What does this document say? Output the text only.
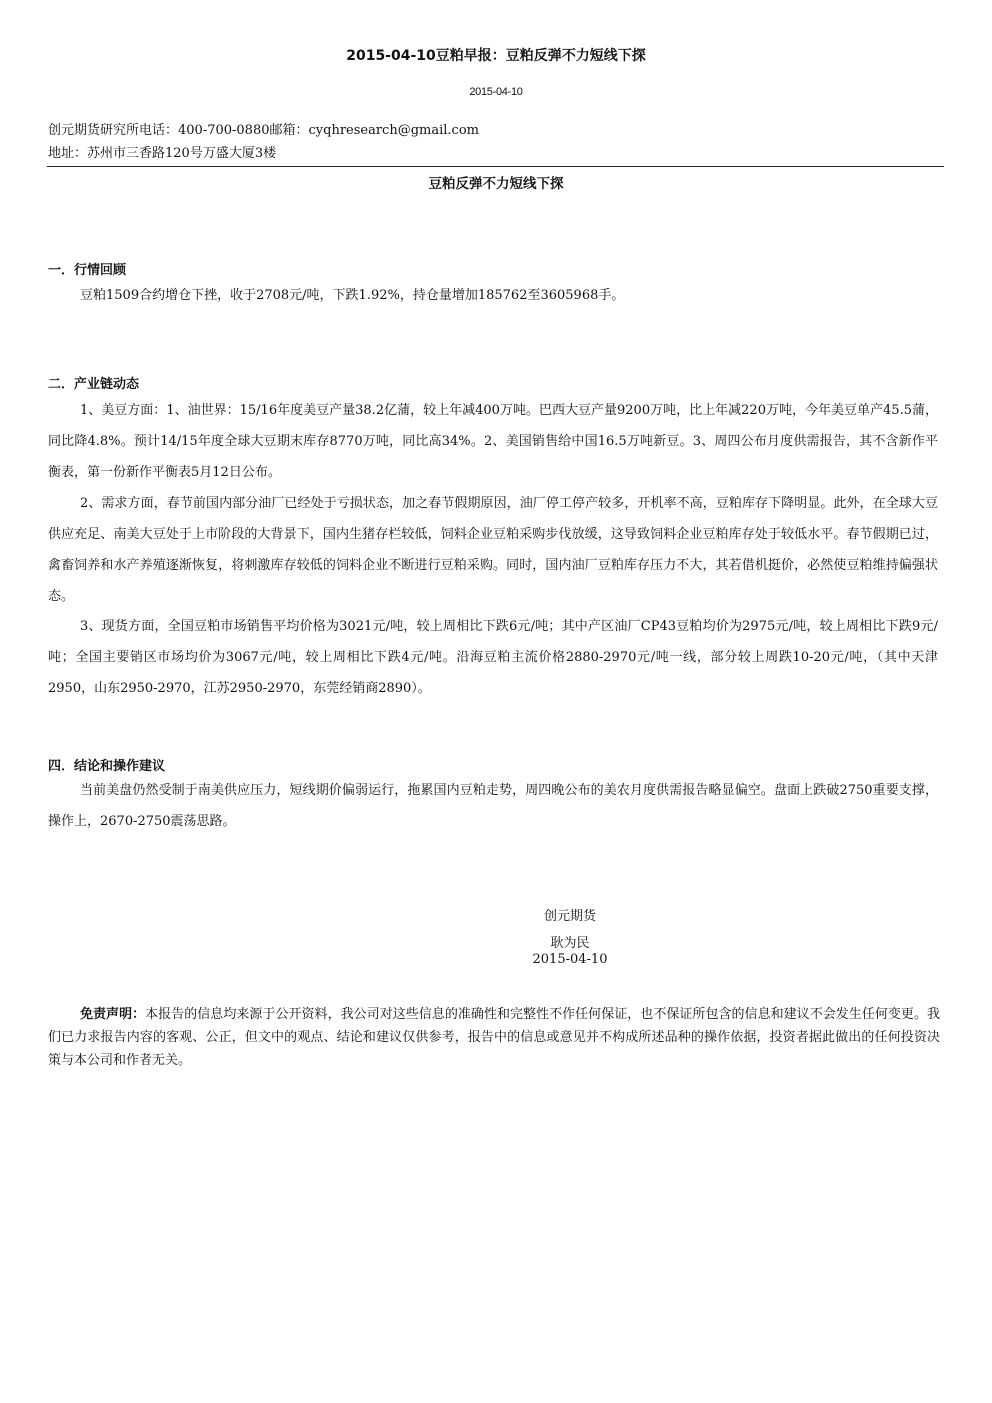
2015-04-10豆粕早报：豆粕反弹不力短线下探
2015-04-10
创元期货研究所电话：400-700-0880邮箱：cyqhresearch@gmail.com
地址：苏州市三香路120号万盛大厦3楼
豆粕反弹不力短线下探
一．行情回顾

豆粕1509合约增仓下挫，收于2708元/吨，下跌1.92%，持仓量增加185762至3605968手。

二．产业链动态

1、美豆方面：1、油世界：15/16年度美豆产量38.2亿蒲，较上年减400万吨。巴西大豆产量9200万吨，比上年减220万吨，今年美豆单产45.5蒲，同比降4.8%。预计14/15年度全球大豆期末库存8770万吨，同比高34%。2、美国销售给中国16.5万吨新豆。3、周四公布月度供需报告，其不含新作平衡表，第一份新作平衡表5月12日公布。

2、需求方面，春节前国内部分油厂已经处于亏损状态，加之春节假期原因，油厂停工停产较多，开机率不高，豆粕库存下降明显。此外，在全球大豆供应充足、南美大豆处于上市阶段的大背景下，国内生猪存栏较低，饲料企业豆粕采购步伐放缓，这导致饲料企业豆粕库存处于较低水平。春节假期已过，禽畜饲养和水产养殖逐渐恢复，将刺激库存较低的饲料企业不断进行豆粕采购。同时，国内油厂豆粕库存压力不大，其若借机挺价，必然使豆粕维持偏强状态。

3、现货方面，全国豆粕市场销售平均价格为3021元/吨，较上周相比下跌6元/吨；其中产区油厂CP43豆粕均价为2975元/吨，较上周相比下跌9元/吨；全国主要销区市场均价为3067元/吨，较上周相比下跌4元/吨。沿海豆粕主流价格2880-2970元/吨一线，部分较上周跌10-20元/吨，（其中天津2950，山东2950-2970，江苏2950-2970，东莞经销商2890）。

四．结论和操作建议

当前美盘仍然受制于南美供应压力，短线期价偏弱运行，拖累国内豆粕走势，周四晚公布的美农月度供需报告略显偏空。盘面上跌破2750重要支撑，操作上，2670-2750震荡思路。

创元期货
耿为民
2015-04-10

免责声明：本报告的信息均来源于公开资料，我公司对这些信息的准确性和完整性不作任何保证，也不保证所包含的信息和建议不会发生任何变更。我们已力求报告内容的客观、公正，但文中的观点、结论和建议仅供参考，报告中的信息或意见并不构成所述品种的操作依据，投资者据此做出的任何投资决策与本公司和作者无关。
